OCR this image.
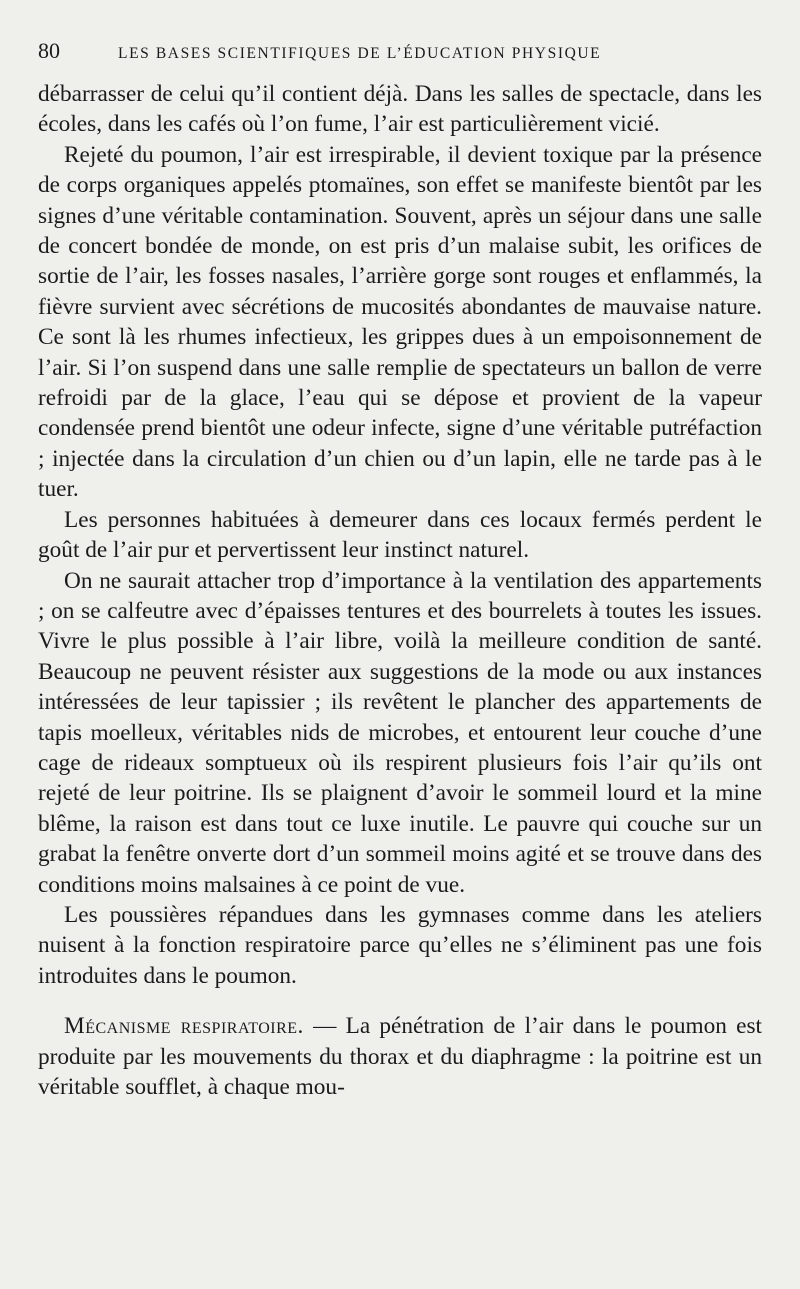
80	LES BASES SCIENTIFIQUES DE L’ÉDUCATION PHYSIQUE

débarrasser de celui qu’il contient déjà. Dans les salles de spectacle, dans les écoles, dans les cafés où l’on fume, l’air est particulièrement vicié.

Rejeté du poumon, l’air est irrespirable, il devient toxique par la présence de corps organiques appelés ptomaïnes, son effet se manifeste bientôt par les signes d’une véritable contamination. Souvent, après un séjour dans une salle de concert bondée de monde, on est pris d’un malaise subit, les orifices de sortie de l’air, les fosses nasales, l’arrière gorge sont rouges et enflammés, la fièvre survient avec sécrétions de mucosités abondantes de mauvaise nature. Ce sont là les rhumes infectieux, les grippes dues à un empoisonnement de l’air. Si l’on suspend dans une salle remplie de spectateurs un ballon de verre refroidi par de la glace, l’eau qui se dépose et provient de la vapeur condensée prend bientôt une odeur infecte, signe d’une véritable putréfaction ; injectée dans la circulation d’un chien ou d’un lapin, elle ne tarde pas à le tuer.

Les personnes habituées à demeurer dans ces locaux fermés perdent le goût de l’air pur et pervertissent leur instinct naturel.

On ne saurait attacher trop d’importance à la ventilation des appartements ; on se calfeutre avec d’épaisses tentures et des bourrelets à toutes les issues. Vivre le plus possible à l’air libre, voilà la meilleure condition de santé. Beaucoup ne peuvent résister aux suggestions de la mode ou aux instances intéressées de leur tapissier ; ils revêtent le plancher des appartements de tapis moelleux, véritables nids de microbes, et entourent leur couche d’une cage de rideaux somptueux où ils respirent plusieurs fois l’air qu’ils ont rejeté de leur poitrine. Ils se plaignent d’avoir le sommeil lourd et la mine blême, la raison est dans tout ce luxe inutile. Le pauvre qui couche sur un grabat la fenêtre onverte dort d’un sommeil moins agité et se trouve dans des conditions moins malsaines à ce point de vue.

Les poussières répandues dans les gymnases comme dans les ateliers nuisent à la fonction respiratoire parce qu’elles ne s’éliminent pas une fois introduites dans le poumon.

Mécanisme respiratoire. — La pénétration de l’air dans le poumon est produite par les mouvements du thorax et du diaphragme : la poitrine est un véritable soufflet, à chaque mou-
